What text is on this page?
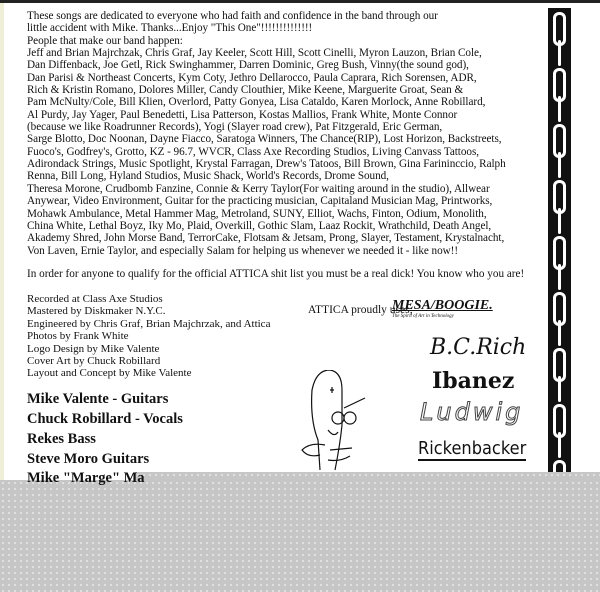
These songs are dedicated to everyone who had faith and confidence in the band through our
little accident with Mike. Thanks...Enjoy "This One"!!!!!!!!!!!!!!
People that make our band happen:
Jeff and Brian Majrchzak, Chris Graf, Jay Keeler, Scott Hill, Scott Cinelli, Myron Lauzon, Brian Cole,
Dan Diffenback, Joe Getl, Rick Swinghammer, Darren Dominic, Greg Bush, Vinny(the sound god),
Dan Parisi & Northeast Concerts, Kym Coty, Jethro Dellarocco, Paula Caprara, Rich Sorensen, ADR,
Rich & Kristin Romano, Dolores Miller, Candy Clouthier, Mike Keene, Marguerite Groat, Sean &
Pam McNulty/Cole, Bill Klien, Overlord, Patty Gonyea, Lisa Cataldo, Karen Morlock, Anne Robillard,
Al Purdy, Jay Yager, Paul Benedetti, Lisa Patterson, Kostas Mallios, Frank White, Monte Connor
(because we like Roadrunner Records), Yogi (Slayer road crew), Pat Fitzgerald, Eric German,
Sarge Blotto, Doc Noonan, Dayne Fiacco, Saratoga Winners, The Chance(RIP), Lost Horizon, Backstreets,
Fuoco's, Godfrey's, Grotto, KZ - 96.7, WVCR, Class Axe Recording Studios, Living Canvass Tattoos,
Adirondack Strings, Music Spotlight, Krystal Farragan, Drew's Tatoos, Bill Brown, Gina Farininccio, Ralph
Renna, Bill Long, Hyland Studios, Music Shack, World's Records, Drome Sound,
Theresa Morone, Crudbomb Fanzine, Connie & Kerry Taylor(For waiting around in the studio), Allwear
Anywear, Video Environment, Guitar for the practicing musician, Capitaland Musician Mag, Printworks,
Mohawk Ambulance, Metal Hammer Mag, Metroland, SUNY, Elliot, Wachs, Finton, Odium, Monolith,
China White, Lethal Boyz, Iky Mo, Plaid, Overkill, Gothic Slam, Laaz Rockit, Wrathchild, Death Angel,
Akademy Shred, John Morse Band, TerrorCake, Flotsam & Jetsam, Prong, Slayer, Testament, Krystalnacht,
Von Laven, Ernie Taylor, and especially Salam for helping us whenever we needed it - like now!!
In order for anyone to qualify for the official ATTICA shit list you must be a real dick! You know who you are!
Recorded at Class Axe Studios
Mastered by Diskmaker N.Y.C.
Engineered by Chris Graf, Brian Majchrzak, and Attica
Photos by Frank White
Logo Design by Mike Valente
Cover Art by Chuck Robillard
Layout and Concept by Mike Valente
Mike Valente - Guitars
Chuck Robillard - Vocals
Rekes Bass
Steve Moro Guitars
ATTICA proudly uses;
MESA/BOOGIE.
The Spirit of Art in Technology
B.C.Rich
Ibanez
Ludwig
Rickenbacker
Mike "Marge" Ma
